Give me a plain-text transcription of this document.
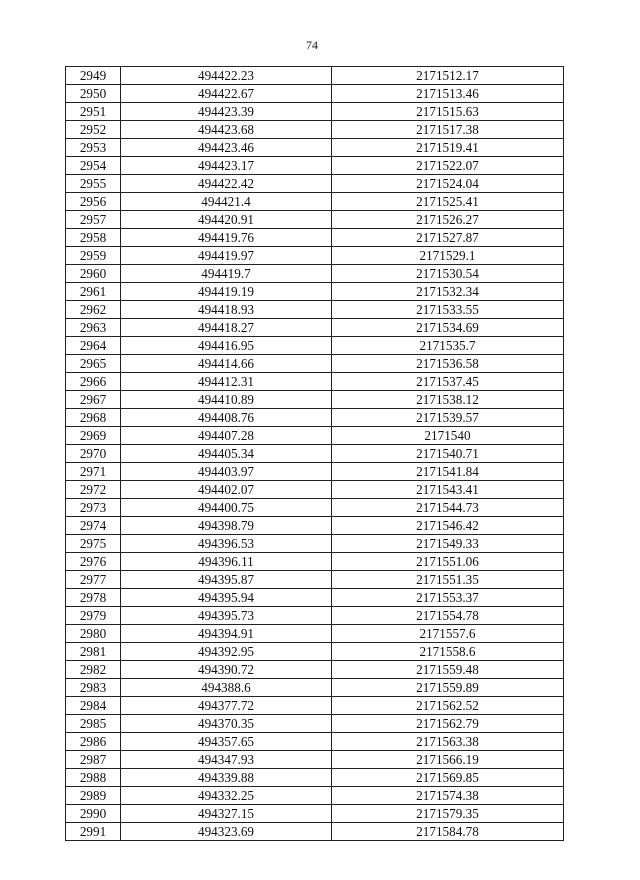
74
2949	494422.23	2171512.17
2950	494422.67	2171513.46
2951	494423.39	2171515.63
2952	494423.68	2171517.38
2953	494423.46	2171519.41
2954	494423.17	2171522.07
2955	494422.42	2171524.04
2956	494421.4	2171525.41
2957	494420.91	2171526.27
2958	494419.76	2171527.87
2959	494419.97	2171529.1
2960	494419.7	2171530.54
2961	494419.19	2171532.34
2962	494418.93	2171533.55
2963	494418.27	2171534.69
2964	494416.95	2171535.7
2965	494414.66	2171536.58
2966	494412.31	2171537.45
2967	494410.89	2171538.12
2968	494408.76	2171539.57
2969	494407.28	2171540
2970	494405.34	2171540.71
2971	494403.97	2171541.84
2972	494402.07	2171543.41
2973	494400.75	2171544.73
2974	494398.79	2171546.42
2975	494396.53	2171549.33
2976	494396.11	2171551.06
2977	494395.87	2171551.35
2978	494395.94	2171553.37
2979	494395.73	2171554.78
2980	494394.91	2171557.6
2981	494392.95	2171558.6
2982	494390.72	2171559.48
2983	494388.6	2171559.89
2984	494377.72	2171562.52
2985	494370.35	2171562.79
2986	494357.65	2171563.38
2987	494347.93	2171566.19
2988	494339.88	2171569.85
2989	494332.25	2171574.38
2990	494327.15	2171579.35
2991	494323.69	2171584.78
